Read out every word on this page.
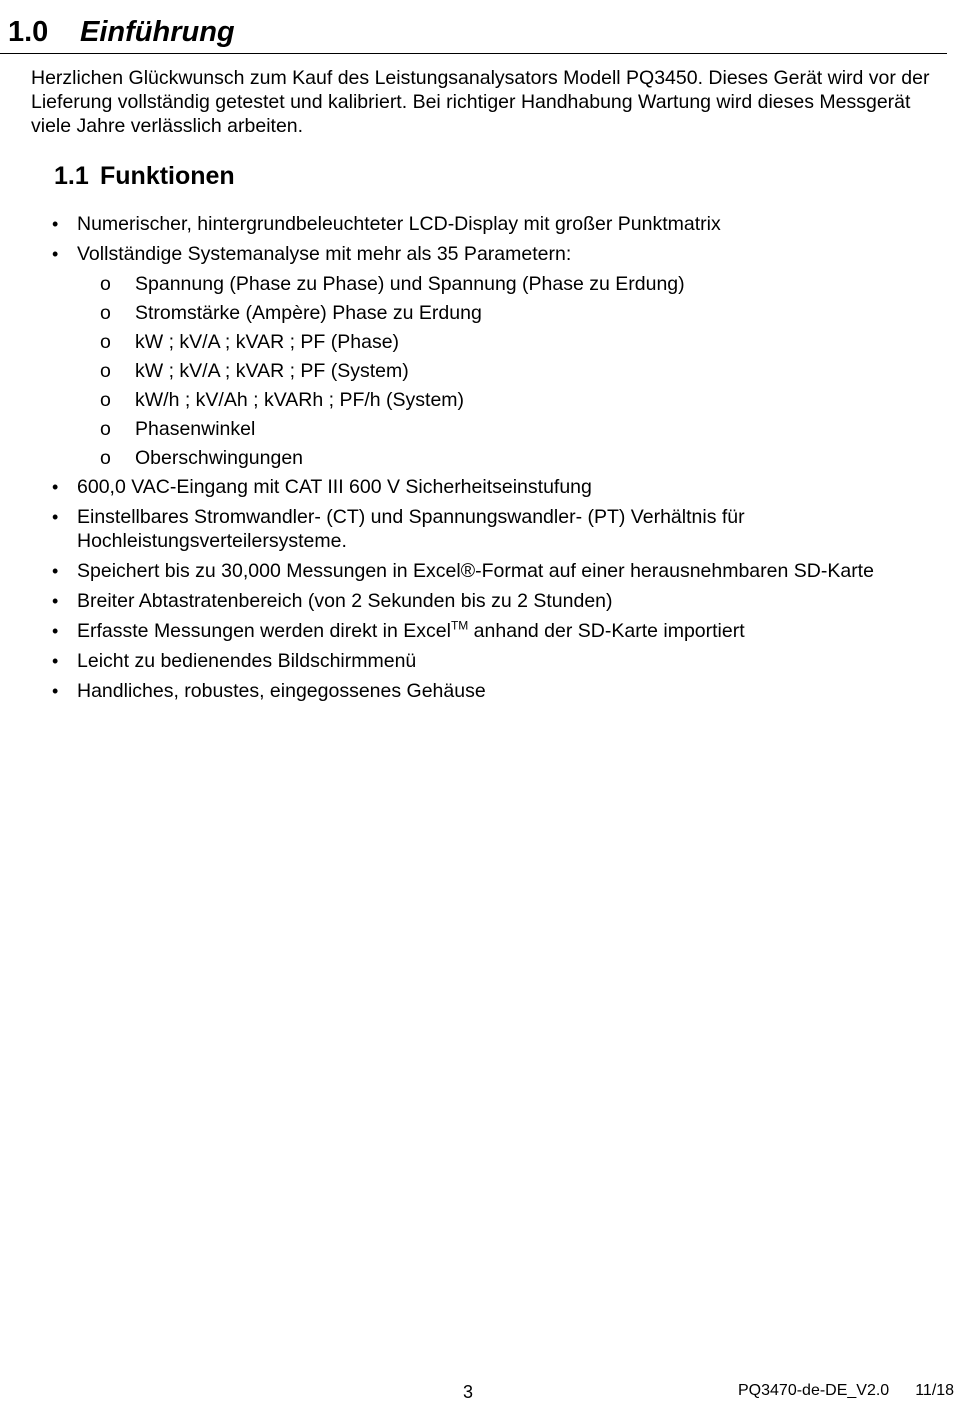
1.0 Einführung

Herzlichen Glückwunsch zum Kauf des Leistungsanalysators Modell PQ3450. Dieses Gerät wird vor der Lieferung vollständig getestet und kalibriert. Bei richtiger Handhabung Wartung wird dieses Messgerät viele Jahre verlässlich arbeiten.

1.1 Funktionen
• Numerischer, hintergrundbeleuchteter LCD-Display mit großer Punktmatrix
• Vollständige Systemanalyse mit mehr als 35 Parametern:
o Spannung (Phase zu Phase) und Spannung (Phase zu Erdung)
o Stromstärke (Ampère) Phase zu Erdung
o kW ; kV/A ; kVAR ; PF (Phase)
o kW ; kV/A ; kVAR ; PF (System)
o kW/h ; kV/Ah ; kVARh ; PF/h (System)
o Phasenwinkel
o Oberschwingungen
• 600,0 VAC-Eingang mit CAT III 600 V Sicherheitseinstufung
• Einstellbares Stromwandler- (CT) und Spannungswandler- (PT) Verhältnis für Hochleistungsverteilersysteme.
• Speichert bis zu 30,000 Messungen in Excel®-Format auf einer herausnehmbaren SD-Karte
• Breiter Abtastratenbereich (von 2 Sekunden bis zu 2 Stunden)
• Erfasste Messungen werden direkt in Excel™ anhand der SD-Karte importiert
• Leicht zu bedienendes Bildschirmmenü
• Handliches, robustes, eingegossenes Gehäuse
3	PQ3470-de-DE_V2.0 11/18
